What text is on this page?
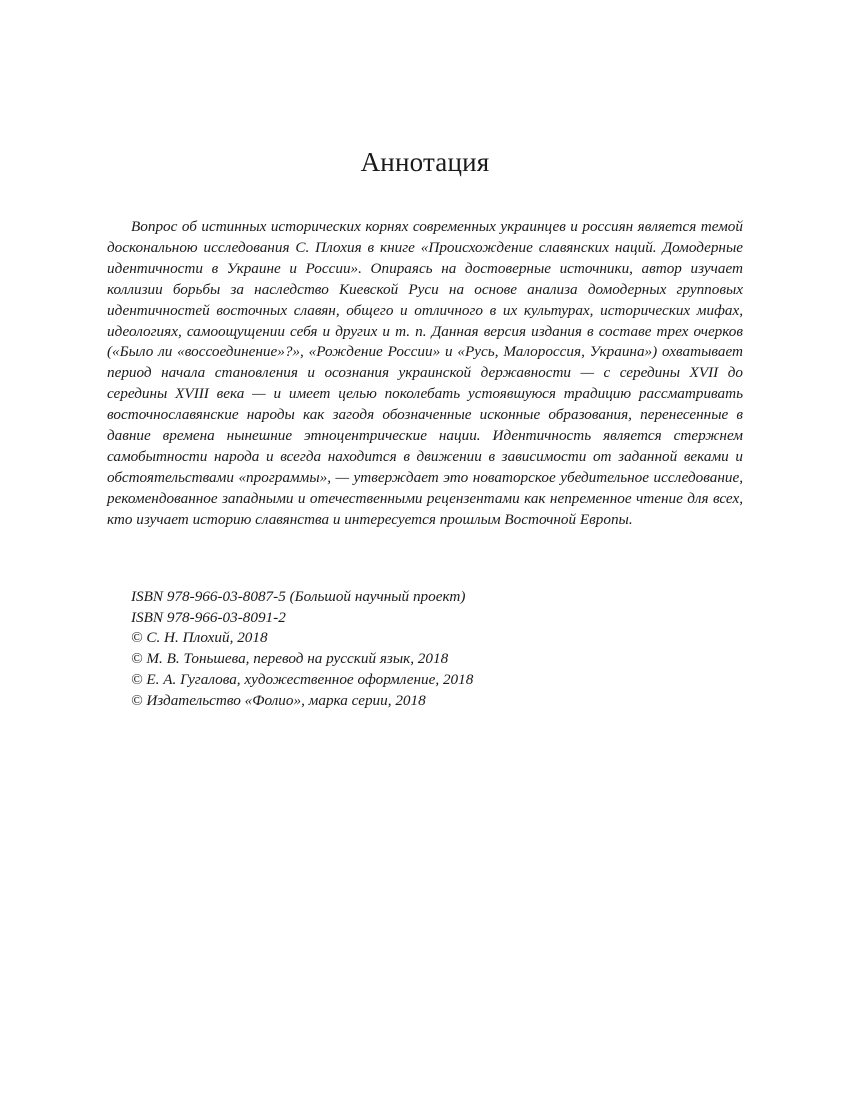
Аннотация

Вопрос об истинных исторических корнях современных украинцев и россиян является темой доскональною исследования С. Плохия в книге «Происхождение славянских наций. Домодерные идентичности в Украине и России». Опираясь на достоверные источники, автор изучает коллизии борьбы за наследство Киевской Руси на основе анализа домодерных групповых идентичностей восточных славян, общего и отличного в их культурах, исторических мифах, идеологиях, самоощущении себя и других и т. п. Данная версия издания в составе трех очерков («Было ли «воссоединение»?», «Рождение России» и «Русь, Малороссия, Украина») охватывает период начала становления и осознания украинской державности — с середины XVII до середины XVIII века — и имеет целью поколебать устоявшуюся традицию рассматривать восточнославянские народы как загодя обозначенные исконные образования, перенесенные в давние времена нынешние этноцентрические нации. Идентичность является стержнем самобытности народа и всегда находится в движении в зависимости от заданной веками и обстоятельствами «программы», — утверждает это новаторское убедительное исследование, рекомендованное западными и отечественными рецензентами как непременное чтение для всех, кто изучает историю славянства и интересуется прошлым Восточной Европы.

ISBN 978-966-03-8087-5 (Большой научный проект)
ISBN 978-966-03-8091-2
© С. Н. Плохий, 2018
© М. В. Тоньшева, перевод на русский язык, 2018
© Е. А. Гугалова, художественное оформление, 2018
© Издательство «Фолио», марка серии, 2018
